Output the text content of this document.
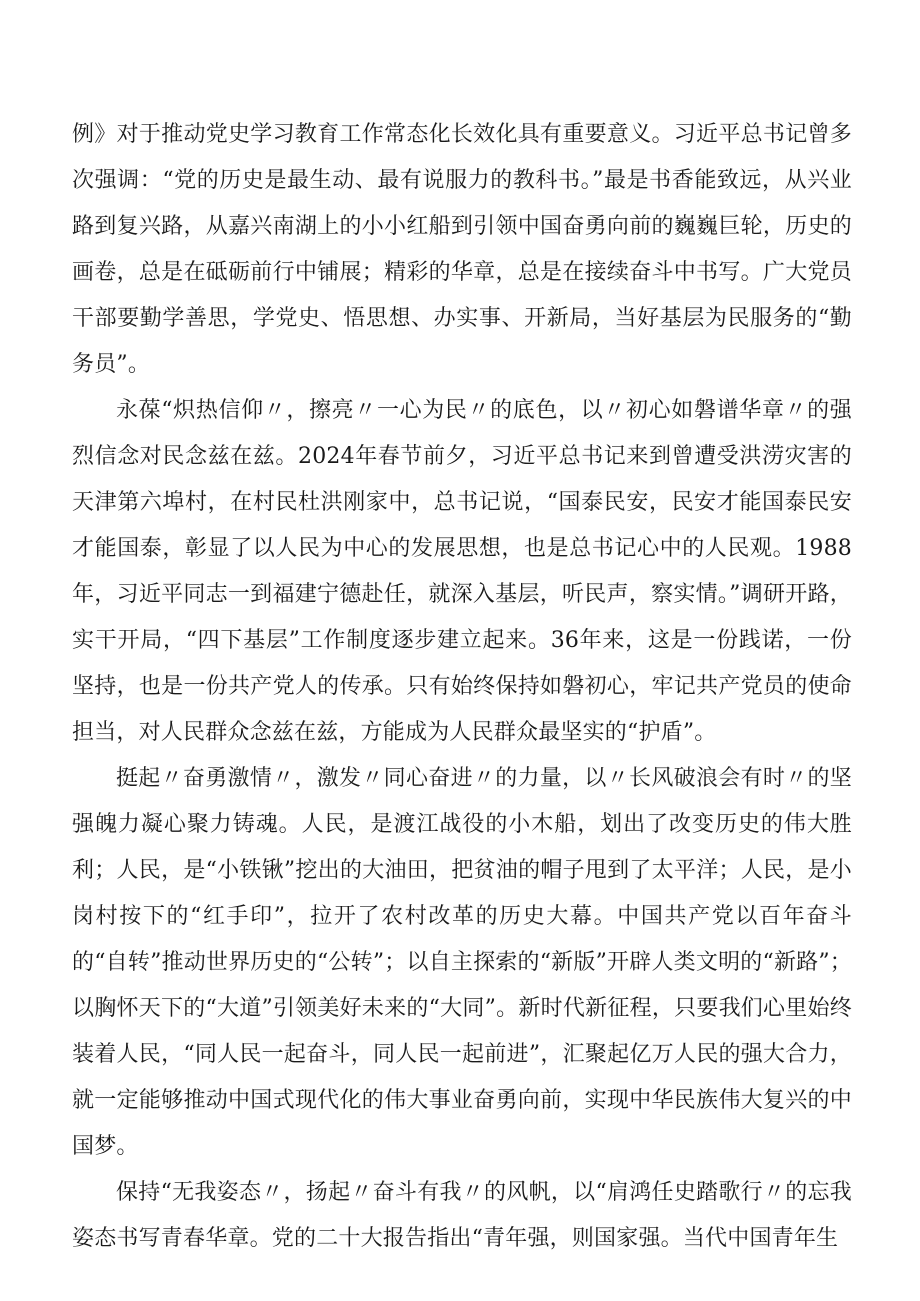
例》对于推动党史学习教育工作常态化长效化具有重要意义。习近平总书记曾多次强调：“党的历史是最生动、最有说服力的教科书。”最是书香能致远，从兴业路到复兴路，从嘉兴南湖上的小小红船到引领中国奋勇向前的巍巍巨轮，历史的画卷，总是在砥砺前行中铺展；精彩的华章，总是在接续奋斗中书写。广大党员干部要勤学善思，学党史、悟思想、办实事、开新局，当好基层为民服务的“勤务员”。

永葆“炽热信仰〃，擦亮〃一心为民〃的底色，以〃初心如磐谱华章〃的强烈信念对民念兹在兹。2024年春节前夕，习近平总书记来到曾遭受洪涝灾害的天津第六埠村，在村民杜洪刚家中，总书记说，“国泰民安，民安才能国泰民安才能国泰，彰显了以人民为中心的发展思想，也是总书记心中的人民观。1988年，习近平同志一到福建宁德赴任，就深入基层，听民声，察实情。”调研开路，实干开局，“四下基层”工作制度逐步建立起来。36年来，这是一份践诺，一份坚持，也是一份共产党人的传承。只有始终保持如磐初心，牢记共产党员的使命担当，对人民群众念兹在兹，方能成为人民群众最坚实的“护盾”。

挺起〃奋勇激情〃，激发〃同心奋进〃的力量，以〃长风破浪会有时〃的坚强魄力凝心聚力铸魂。人民，是渡江战役的小木船，划出了改变历史的伟大胜利；人民，是“小铁锹”挖出的大油田，把贫油的帽子甩到了太平洋；人民，是小岗村按下的“红手印”，拉开了农村改革的历史大幕。中国共产党以百年奋斗的“自转”推动世界历史的“公转”；以自主探索的“新版”开辟人类文明的“新路”；以胸怀天下的“大道”引领美好未来的“大同”。新时代新征程，只要我们心里始终装着人民，“同人民一起奋斗，同人民一起前进”，汇聚起亿万人民的强大合力，就一定能够推动中国式现代化的伟大事业奋勇向前，实现中华民族伟大复兴的中国梦。

保持“无我姿态〃，扬起〃奋斗有我〃的风帆，以“肩鸿任史踏歌行〃的忘我姿态书写青春华章。党的二十大报告指出“青年强，则国家强。当代中国青年生
